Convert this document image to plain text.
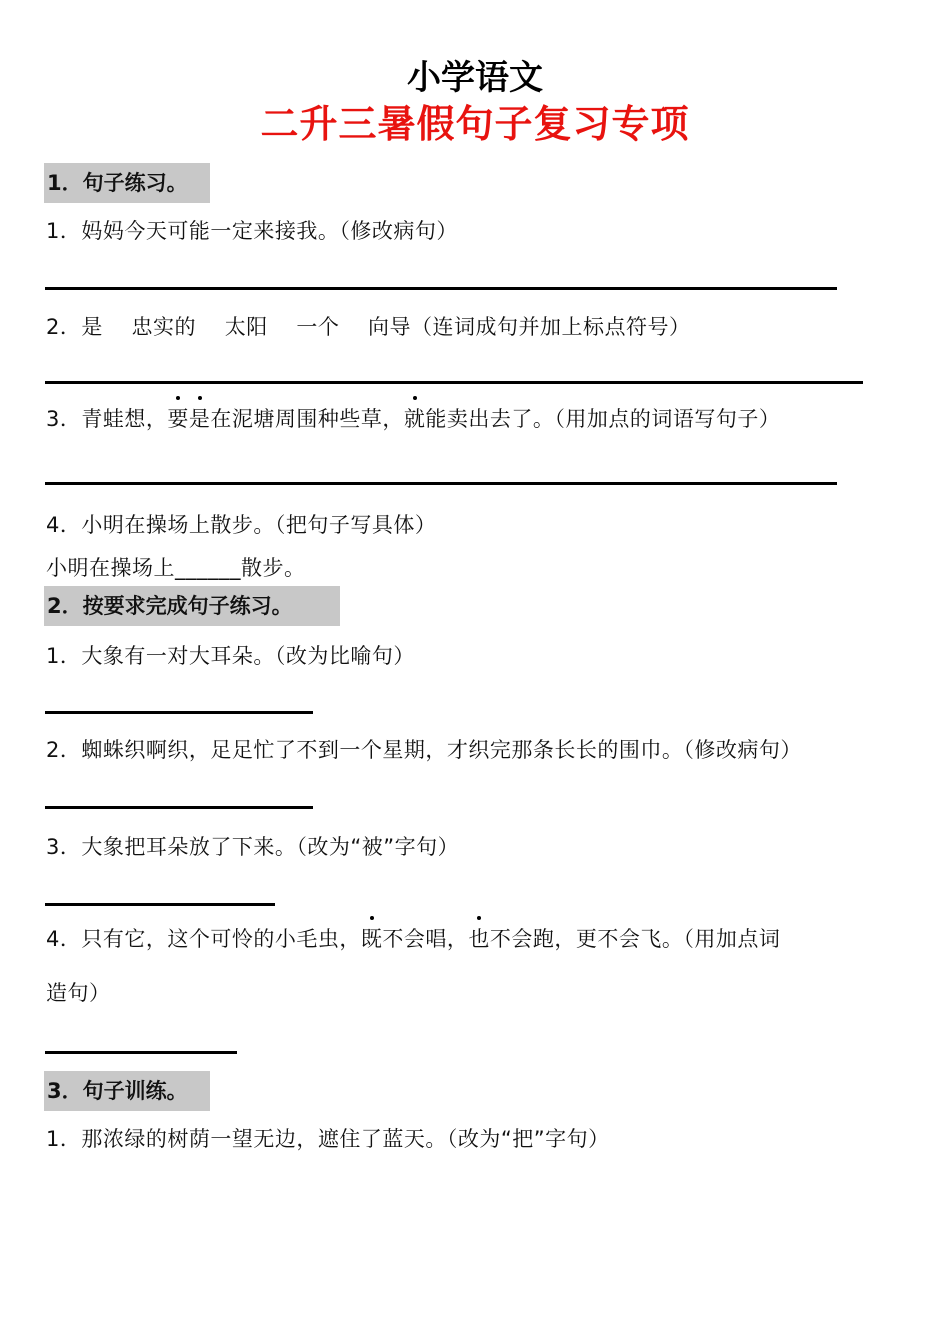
小学语文
二升三暑假句子复习专项
1．句子练习。
1．妈妈今天可能一定来接我。（修改病句）
2．是　 忠实的 　太阳 　一个　 向导（连词成句并加上标点符号）
3．青蛙想，要是在泥塘周围种些草，就能卖出去了。（用加点的词语写句子）
4．小明在操场上散步。（把句子写具体）
小明在操场上______散步。
2．按要求完成句子练习。
1．大象有一对大耳朵。（改为比喻句）
2．蜘蛛织啊织，足足忙了不到一个星期，才织完那条长长的围巾。（修改病句）
3．大象把耳朵放了下来。（改为“被”字句）
4．只有它，这个可怜的小毛虫，既不会唱，也不会跑，更不会飞。（用加点词
造句）
3．句子训练。
1．那浓绿的树荫一望无边，遮住了蓝天。（改为“把”字句）
